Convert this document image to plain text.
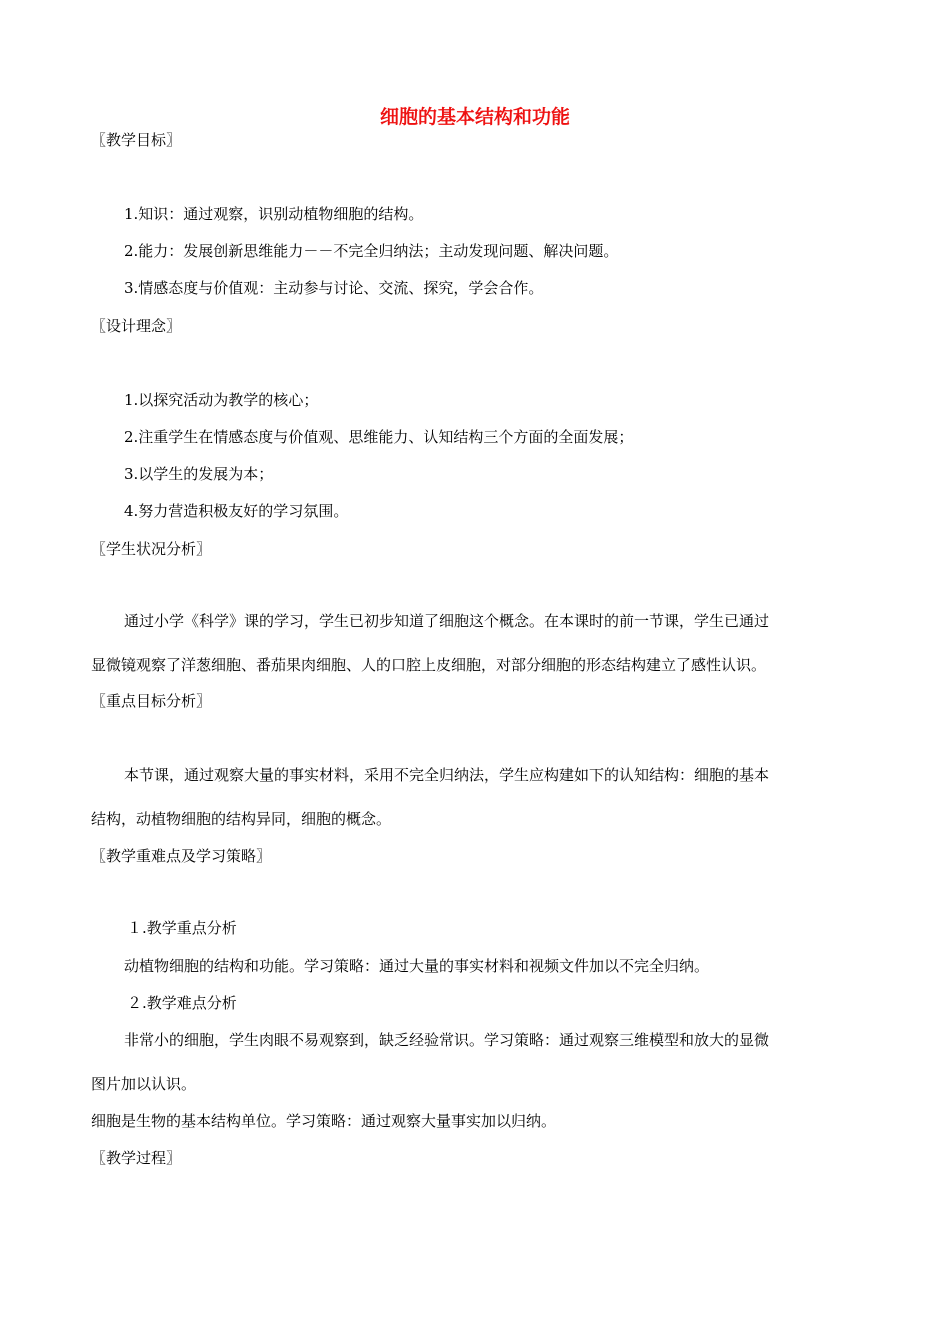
细胞的基本结构和功能
〖教学目标〗
1.知识：通过观察，识别动植物细胞的结构。
2.能力：发展创新思维能力－－不完全归纳法；主动发现问题、解决问题。
3.情感态度与价值观：主动参与讨论、交流、探究，学会合作。
〖设计理念〗
1.以探究活动为教学的核心；
2.注重学生在情感态度与价值观、思维能力、认知结构三个方面的全面发展；
3.以学生的发展为本；
4.努力营造积极友好的学习氛围。
〖学生状况分析〗
通过小学《科学》课的学习，学生已初步知道了细胞这个概念。在本课时的前一节课，学生已通过
显微镜观察了洋葱细胞、番茄果肉细胞、人的口腔上皮细胞，对部分细胞的形态结构建立了感性认识。
〖重点目标分析〗
本节课，通过观察大量的事实材料，采用不完全归纳法，学生应构建如下的认知结构：细胞的基本
结构，动植物细胞的结构异同，细胞的概念。
〖教学重难点及学习策略〗
１.教学重点分析
动植物细胞的结构和功能。学习策略：通过大量的事实材料和视频文件加以不完全归纳。
２.教学难点分析
非常小的细胞，学生肉眼不易观察到，缺乏经验常识。学习策略：通过观察三维模型和放大的显微
图片加以认识。
细胞是生物的基本结构单位。学习策略：通过观察大量事实加以归纳。
〖教学过程〗
